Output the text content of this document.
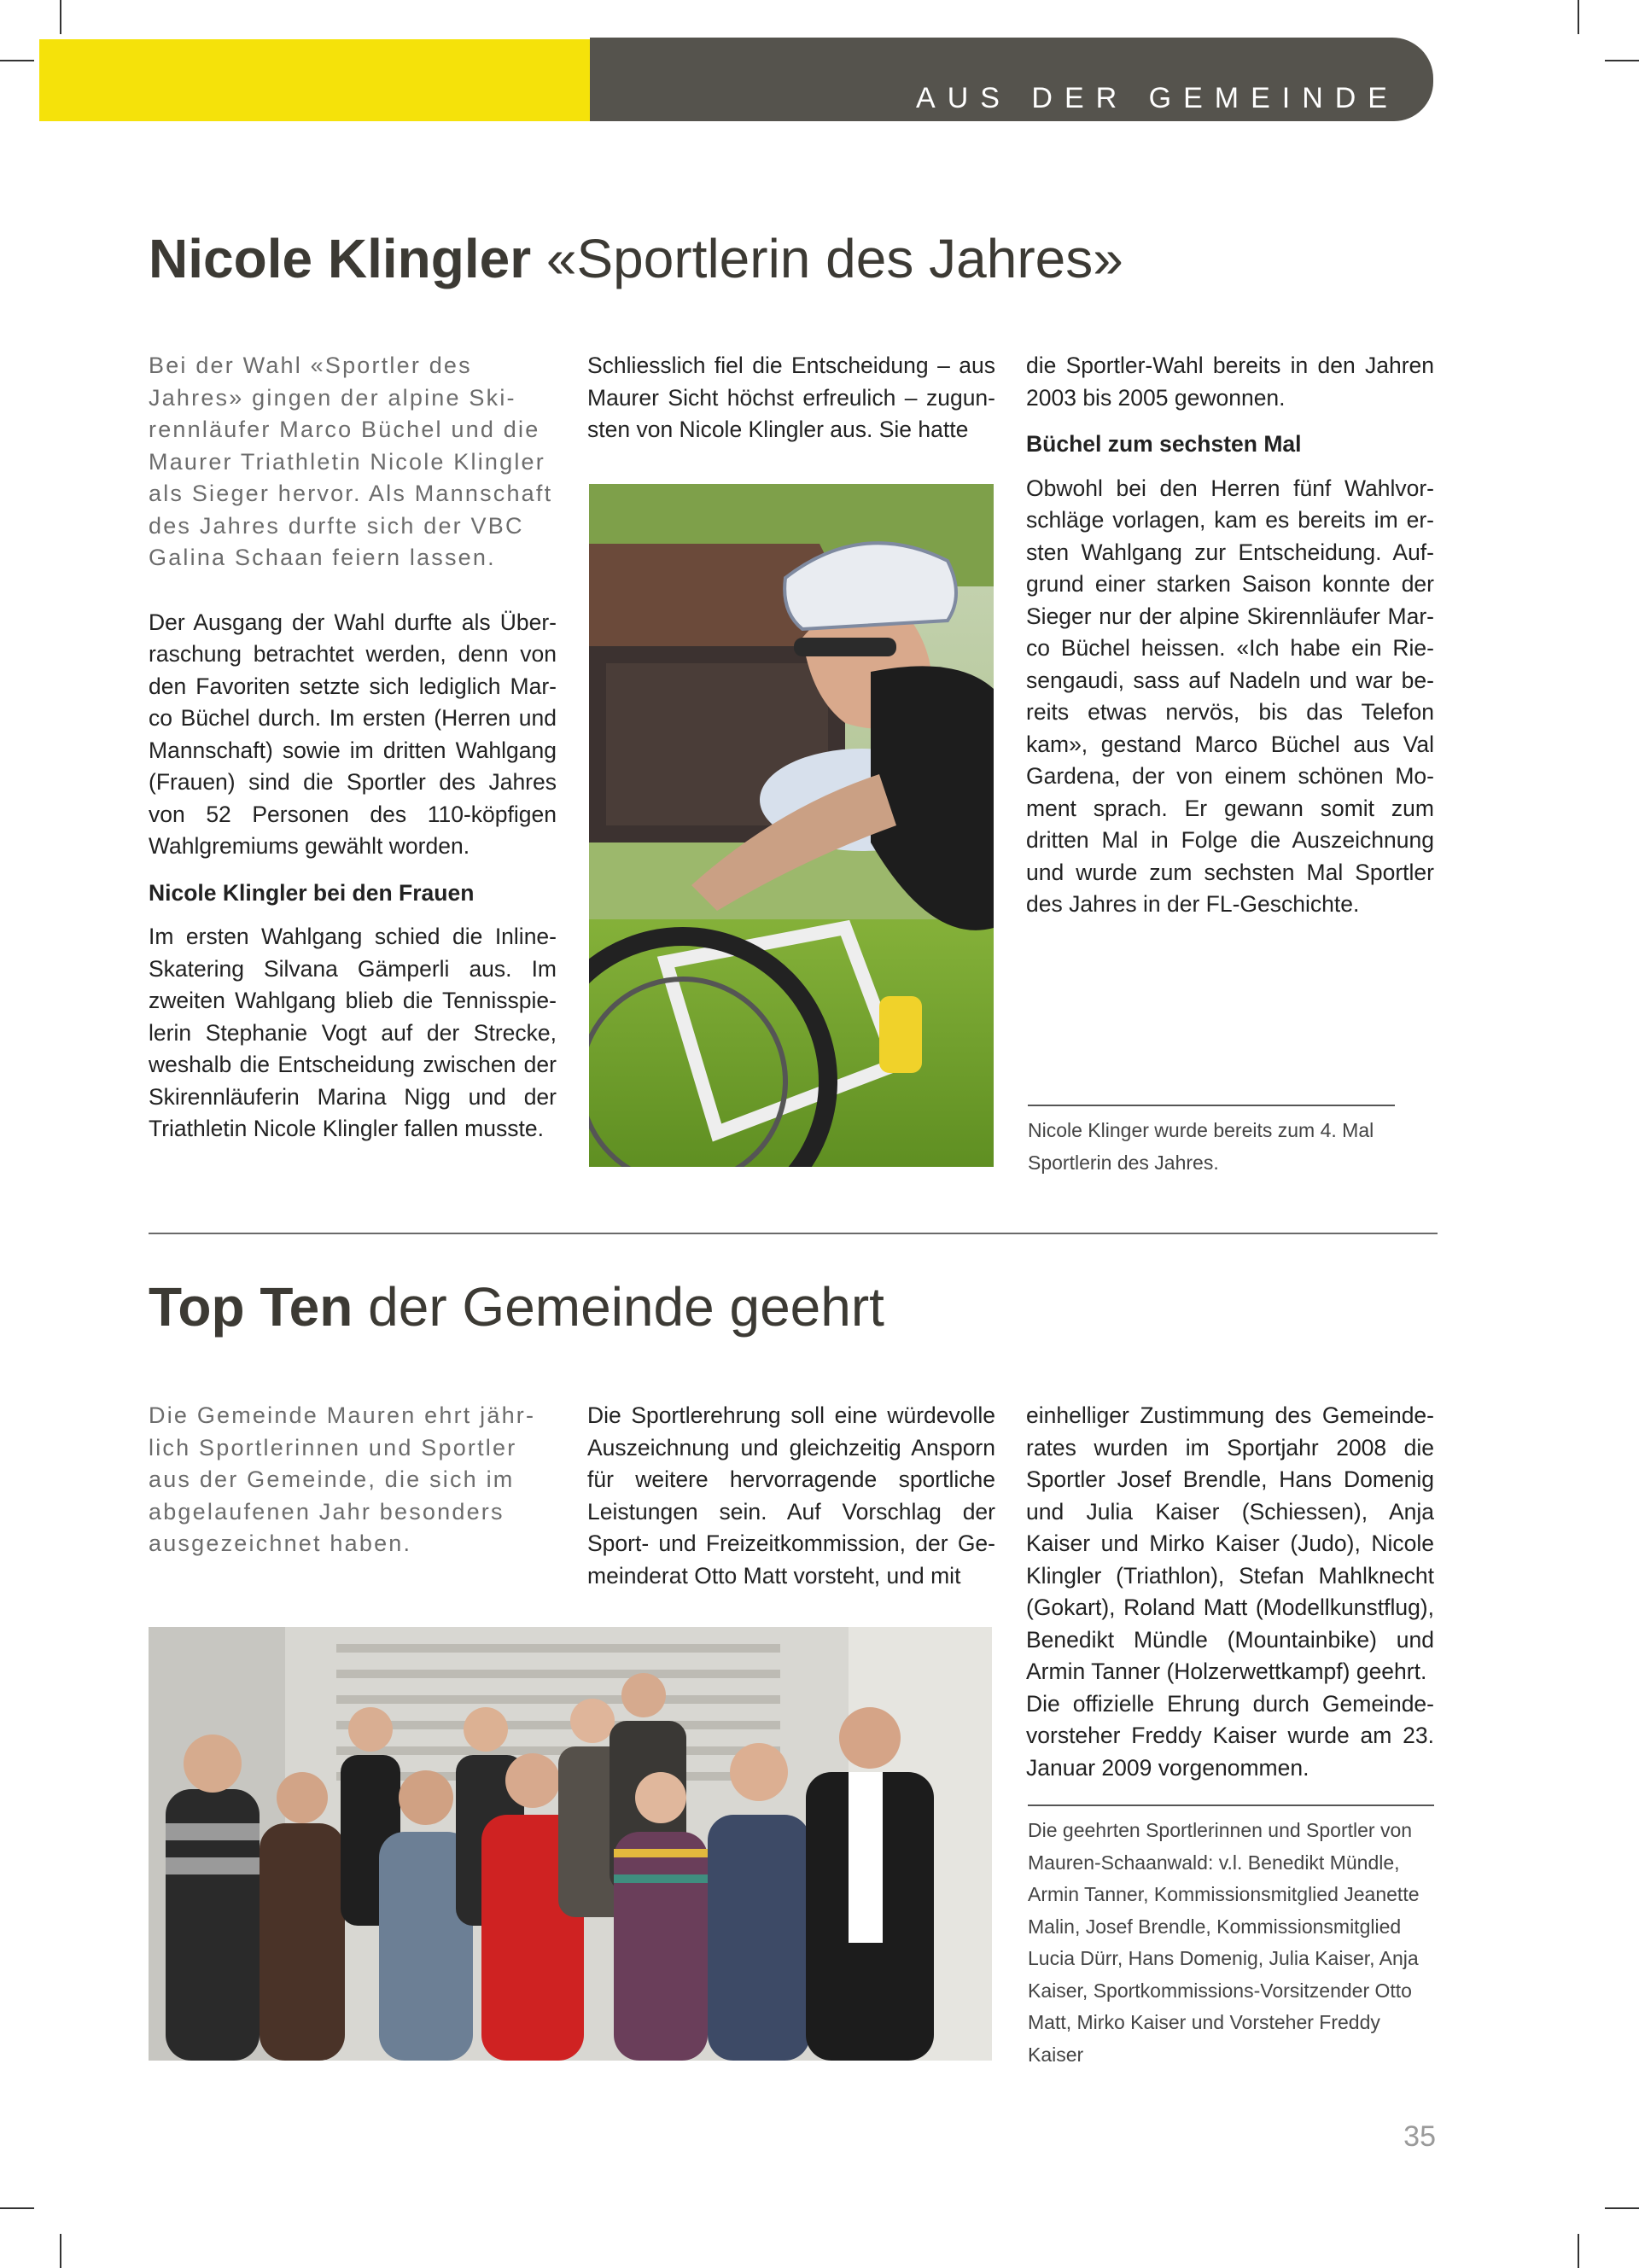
AUS DER GEMEINDE
Nicole Klingler «Sportlerin des Jahres»

Bei der Wahl «Sportler des Jahres» gingen der alpine Skirennläufer Marco Büchel und die Maurer Triathletin Nicole Klingler als Sieger hervor. Als Mannschaft des Jahres durfte sich der VBC Galina Schaan feiern lassen.

Der Ausgang der Wahl durfte als Überraschung betrachtet werden, denn von den Favoriten setzte sich lediglich Marco Büchel durch. Im ersten (Herren und Mannschaft) sowie im dritten Wahlgang (Frauen) sind die Sportler des Jahres von 52 Personen des 110-köpfigen Wahlgremiums gewählt worden.

Nicole Klingler bei den Frauen

Im ersten Wahlgang schied die Inline-Skatering Silvana Gämperli aus. Im zweiten Wahlgang blieb die Tennisspielerin Stephanie Vogt auf der Strecke, weshalb die Entscheidung zwischen der Skirennläuferin Marina Nigg und der Triathletin Nicole Klingler fallen musste.

Schliesslich fiel die Entscheidung – aus Maurer Sicht höchst erfreulich – zugunsten von Nicole Klingler aus. Sie hatte

die Sportler-Wahl bereits in den Jahren 2003 bis 2005 gewonnen.

Büchel zum sechsten Mal

Obwohl bei den Herren fünf Wahlvorschläge vorlagen, kam es bereits im ersten Wahlgang zur Entscheidung. Aufgrund einer starken Saison konnte der Sieger nur der alpine Skirennläufer Marco Büchel heissen. «Ich habe ein Riesengaudi, sass auf Nadeln und war bereits etwas nervös, bis das Telefon kam», gestand Marco Büchel aus Val Gardena, der von einem schönen Moment sprach. Er gewann somit zum dritten Mal in Folge die Auszeichnung und wurde zum sechsten Mal Sportler des Jahres in der FL-Geschichte.

Nicole Klinger wurde bereits zum 4. Mal Sportlerin des Jahres.
Top Ten der Gemeinde geehrt

Die Gemeinde Mauren ehrt jährlich Sportlerinnen und Sportler aus der Gemeinde, die sich im abgelaufenen Jahr besonders ausgezeichnet haben.

Die Sportlerehrung soll eine würdevolle Auszeichnung und gleichzeitig Ansporn für weitere hervorragende sportliche Leistungen sein. Auf Vorschlag der Sport- und Freizeitkommission, der Gemeinderat Otto Matt vorsteht, und mit

einhelliger Zustimmung des Gemeinderates wurden im Sportjahr 2008 die Sportler Josef Brendle, Hans Domenig und Julia Kaiser (Schiessen), Anja Kaiser und Mirko Kaiser (Judo), Nicole Klingler (Triathlon), Stefan Mahlknecht (Gokart), Roland Matt (Modellkunstflug), Benedikt Mündle (Mountainbike) und Armin Tanner (Holzerwettkampf) geehrt.

Die offizielle Ehrung durch Gemeindevorsteher Freddy Kaiser wurde am 23. Januar 2009 vorgenommen.

Die geehrten Sportlerinnen und Sportler von Mauren-Schaanwald: v.l. Benedikt Mündle, Armin Tanner, Kommissionsmitglied Jeanette Malin, Josef Brendle, Kommissionsmitglied Lucia Dürr, Hans Domenig, Julia Kaiser, Anja Kaiser, Sportkommissions-Vorsitzender Otto Matt, Mirko Kaiser und Vorsteher Freddy Kaiser
35
